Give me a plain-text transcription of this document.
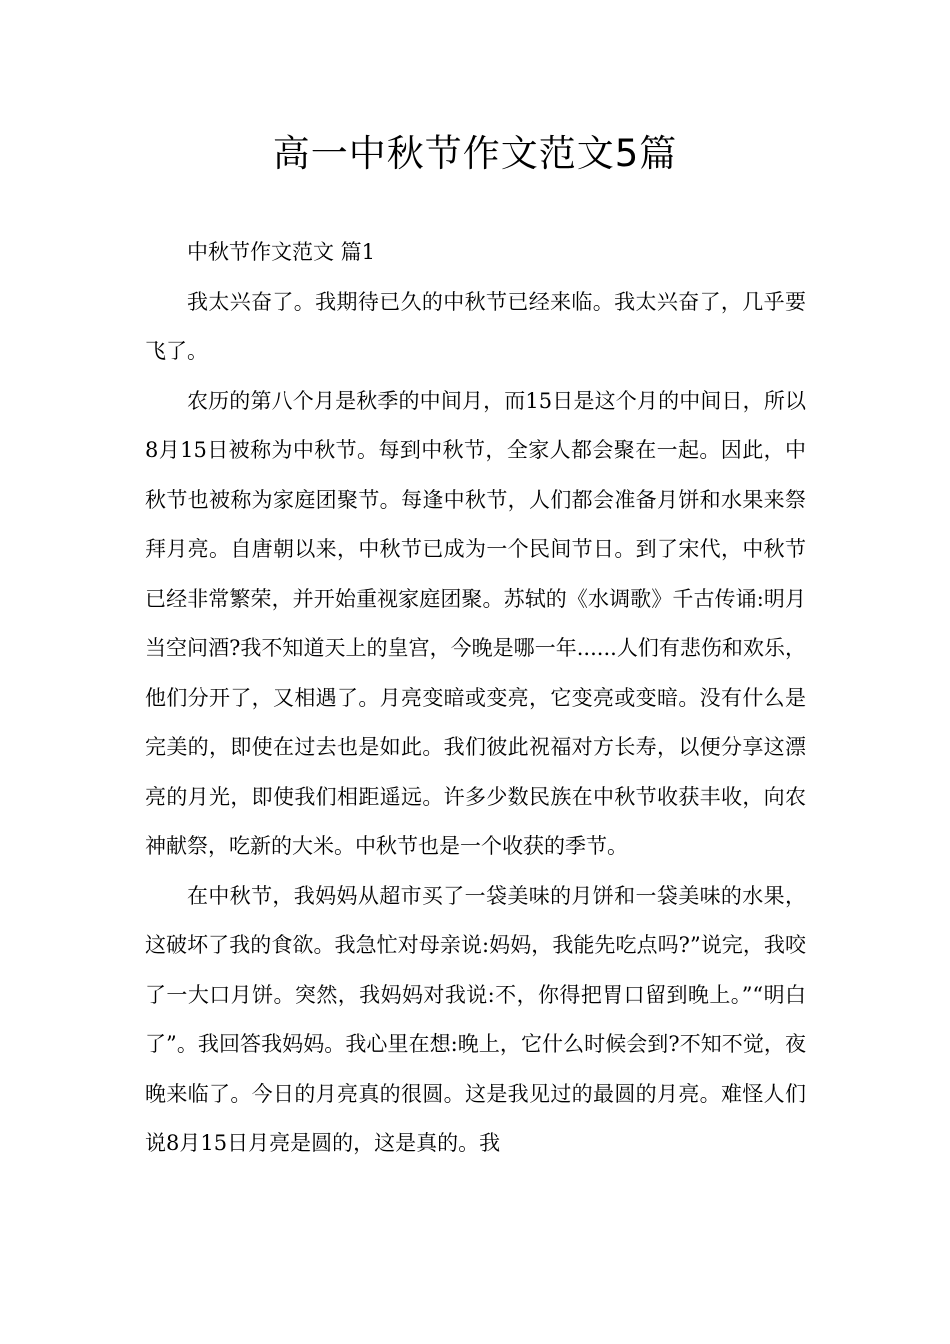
高一中秋节作文范文5篇

中秋节作文范文 篇1

我太兴奋了。我期待已久的中秋节已经来临。我太兴奋了，几乎要飞了。

农历的第八个月是秋季的中间月，而15日是这个月的中间日，所以8月15日被称为中秋节。每到中秋节，全家人都会聚在一起。因此，中秋节也被称为家庭团聚节。每逢中秋节，人们都会准备月饼和水果来祭拜月亮。自唐朝以来，中秋节已成为一个民间节日。到了宋代，中秋节已经非常繁荣，并开始重视家庭团聚。苏轼的《水调歌》千古传诵:明月当空问酒?我不知道天上的皇宫，今晚是哪一年......人们有悲伤和欢乐，他们分开了，又相遇了。月亮变暗或变亮，它变亮或变暗。没有什么是完美的，即使在过去也是如此。我们彼此祝福对方长寿，以便分享这漂亮的月光，即使我们相距遥远。许多少数民族在中秋节收获丰收，向农神献祭，吃新的大米。中秋节也是一个收获的季节。

在中秋节，我妈妈从超市买了一袋美味的月饼和一袋美味的水果，这破坏了我的食欲。我急忙对母亲说:妈妈，我能先吃点吗?”说完，我咬了一大口月饼。突然，我妈妈对我说:不，你得把胃口留到晚上。”“明白了”。我回答我妈妈。我心里在想:晚上，它什么时候会到?不知不觉，夜晚来临了。今日的月亮真的很圆。这是我见过的最圆的月亮。难怪人们说8月15日月亮是圆的，这是真的。我
